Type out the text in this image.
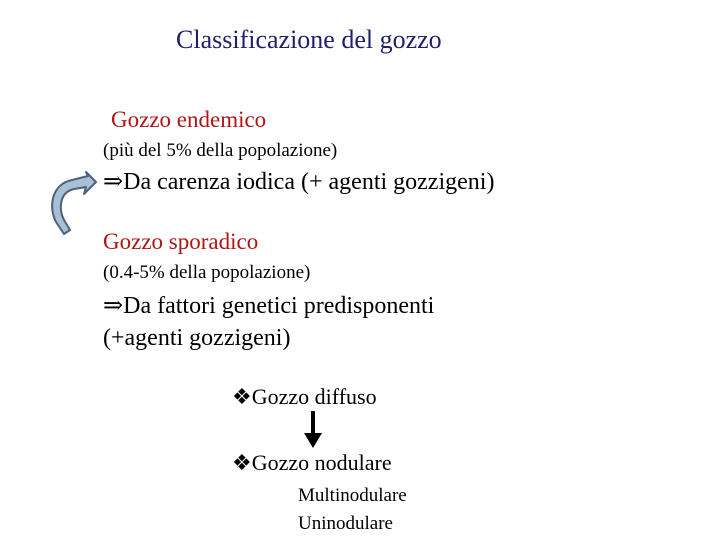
Classificazione del gozzo
Gozzo endemico
(più del 5% della popolazione)
⇒Da carenza iodica (+ agenti gozzigeni)
Gozzo sporadico
(0.4-5% della popolazione)
⇒Da fattori genetici predisponenti
(+agenti gozzigeni)
❖Gozzo diffuso
❖Gozzo nodulare
Multinodulare
Uninodulare
